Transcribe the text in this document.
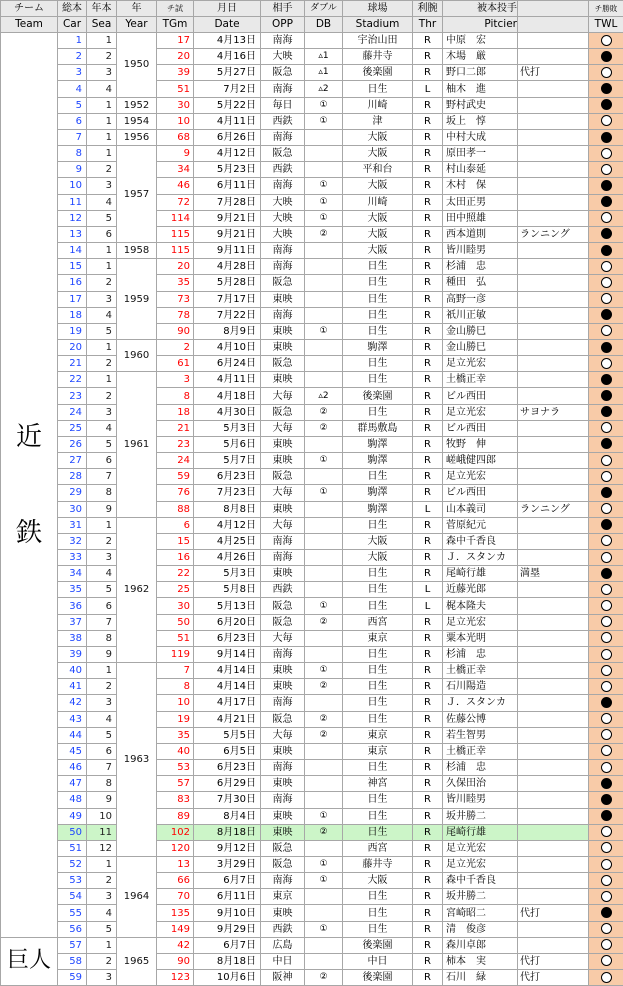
チーム	総本	年本	年	チ試	月日	相手	ダブル	球場	利腕	被本投手		チ勝敗
Team	Car	Sea	Year	TGm	Date	OPP	DB	Stadium	Thr	Pitcier		TWL
近

鉄	1	1	1950	17	4月13日	南海		宇治山田	R	中原　宏		
	2	2		20	4月16日	大映	▵1	藤井寺	R	木場　厳		
	3	3		39	5月27日	阪急	▵1	後楽園	R	野口二郎	代打	
	4	4		51	7月2日	南海	▵2	日生	L	柚木　進		
	5	1	1952	30	5月22日	毎日	①	川崎	R	野村武史		
	6	1	1954	10	4月11日	西鉄	①	津	R	坂上　惇		
	7	1	1956	68	6月26日	南海		大阪	R	中村大成		
	8	1	1957	9	4月12日	阪急		大阪	R	原田孝一		
	9	2		34	5月23日	西鉄		平和台	R	村山泰延		
	10	3		46	6月11日	南海	①	大阪	R	木村　保		
	11	4		72	7月28日	大映	①	川崎	R	太田正男		
	12	5		114	9月21日	大映	①	大阪	R	田中照雄		
	13	6		115	9月21日	大映	②	大阪	R	西本道則	ランニング	
	14	1	1958	115	9月11日	南海		大阪	R	皆川睦男		
	15	1	1959	20	4月28日	南海		日生	R	杉浦　忠		
	16	2		35	5月28日	阪急		日生	R	種田　弘		
	17	3		73	7月17日	東映		日生	R	高野一彦		
	18	4		78	7月22日	南海		日生	R	祇川正敏		
	19	5		90	8月9日	東映	①	日生	R	金山勝巳		
	20	1	1960	2	4月10日	東映		駒澤	R	金山勝巳		
	21	2		61	6月24日	阪急		日生	R	足立光宏		
	22	1	1961	3	4月11日	東映		日生	R	土橋正幸		
	23	2		8	4月18日	大毎	▵2	後楽園	R	ビル西田		
	24	3		18	4月30日	阪急	②	日生	R	足立光宏	サヨナラ	
	25	4		21	5月3日	大毎	②	群馬敷島	R	ビル西田		
	26	5		23	5月6日	東映		駒澤	R	牧野　伸		
	27	6		24	5月7日	東映	①	駒澤	R	嵯峨健四郎		
	28	7		59	6月23日	阪急		日生	R	足立光宏		
	29	8		76	7月23日	大毎	①	駒澤	R	ビル西田		
	30	9		88	8月8日	東映		駒澤	L	山本義司	ランニング	
	31	1	1962	6	4月12日	大毎		日生	R	菅原紀元		
	32	2		15	4月25日	南海		大阪	R	森中千香良		
	33	3		16	4月26日	南海		大阪	R	Ｊ．スタンカ		
	34	4		22	5月3日	東映		日生	R	尾崎行雄	満塁	
	35	5		25	5月8日	西鉄		日生	L	近藤光郎		
	36	6		30	5月13日	阪急	①	日生	L	梶本隆夫		
	37	7		50	6月20日	阪急	②	西宮	R	足立光宏		
	38	8		51	6月23日	大毎		東京	R	粟本光明		
	39	9		119	9月14日	南海		日生	R	杉浦　忠		
	40	1	1963	7	4月14日	東映	①	日生	R	土橋正幸		
	41	2		8	4月14日	東映	②	日生	R	石川陽造		
	42	3		10	4月17日	南海		日生	R	Ｊ．スタンカ		
	43	4		19	4月21日	阪急	②	日生	R	佐藤公博		
	44	5		35	5月5日	大毎	②	東京	R	若生智男		
	45	6		40	6月5日	東映		東京	R	土橋正幸		
	46	7		53	6月23日	南海		日生	R	杉浦　忠		
	47	8		57	6月29日	東映		神宮	R	久保田治		
	48	9		83	7月30日	南海		日生	R	皆川睦男		
	49	10		89	8月4日	東映	①	日生	R	坂井勝二		
	50	11		102	8月18日	東映	②	日生	R	尾崎行雄		
	51	12		120	9月12日	阪急		西宮	R	足立光宏		
	52	1	1964	13	3月29日	阪急	①	藤井寺	R	足立光宏		
	53	2		66	6月7日	南海	①	大阪	R	森中千香良		
	54	3		70	6月11日	東京		日生	R	坂井勝二		
	55	4		135	9月10日	東映		日生	R	宮崎昭二	代打	
	56	5		149	9月29日	西鉄	①	日生	R	清　俊彦		
巨人	57	1	1965	42	6月7日	広島		後楽園	R	森川卓郎		
	58	2		90	8月18日	中日		中日	R	柿本　実	代打	
	59	3		123	10月6日	阪神	②	後楽園	R	石川　緑	代打	
